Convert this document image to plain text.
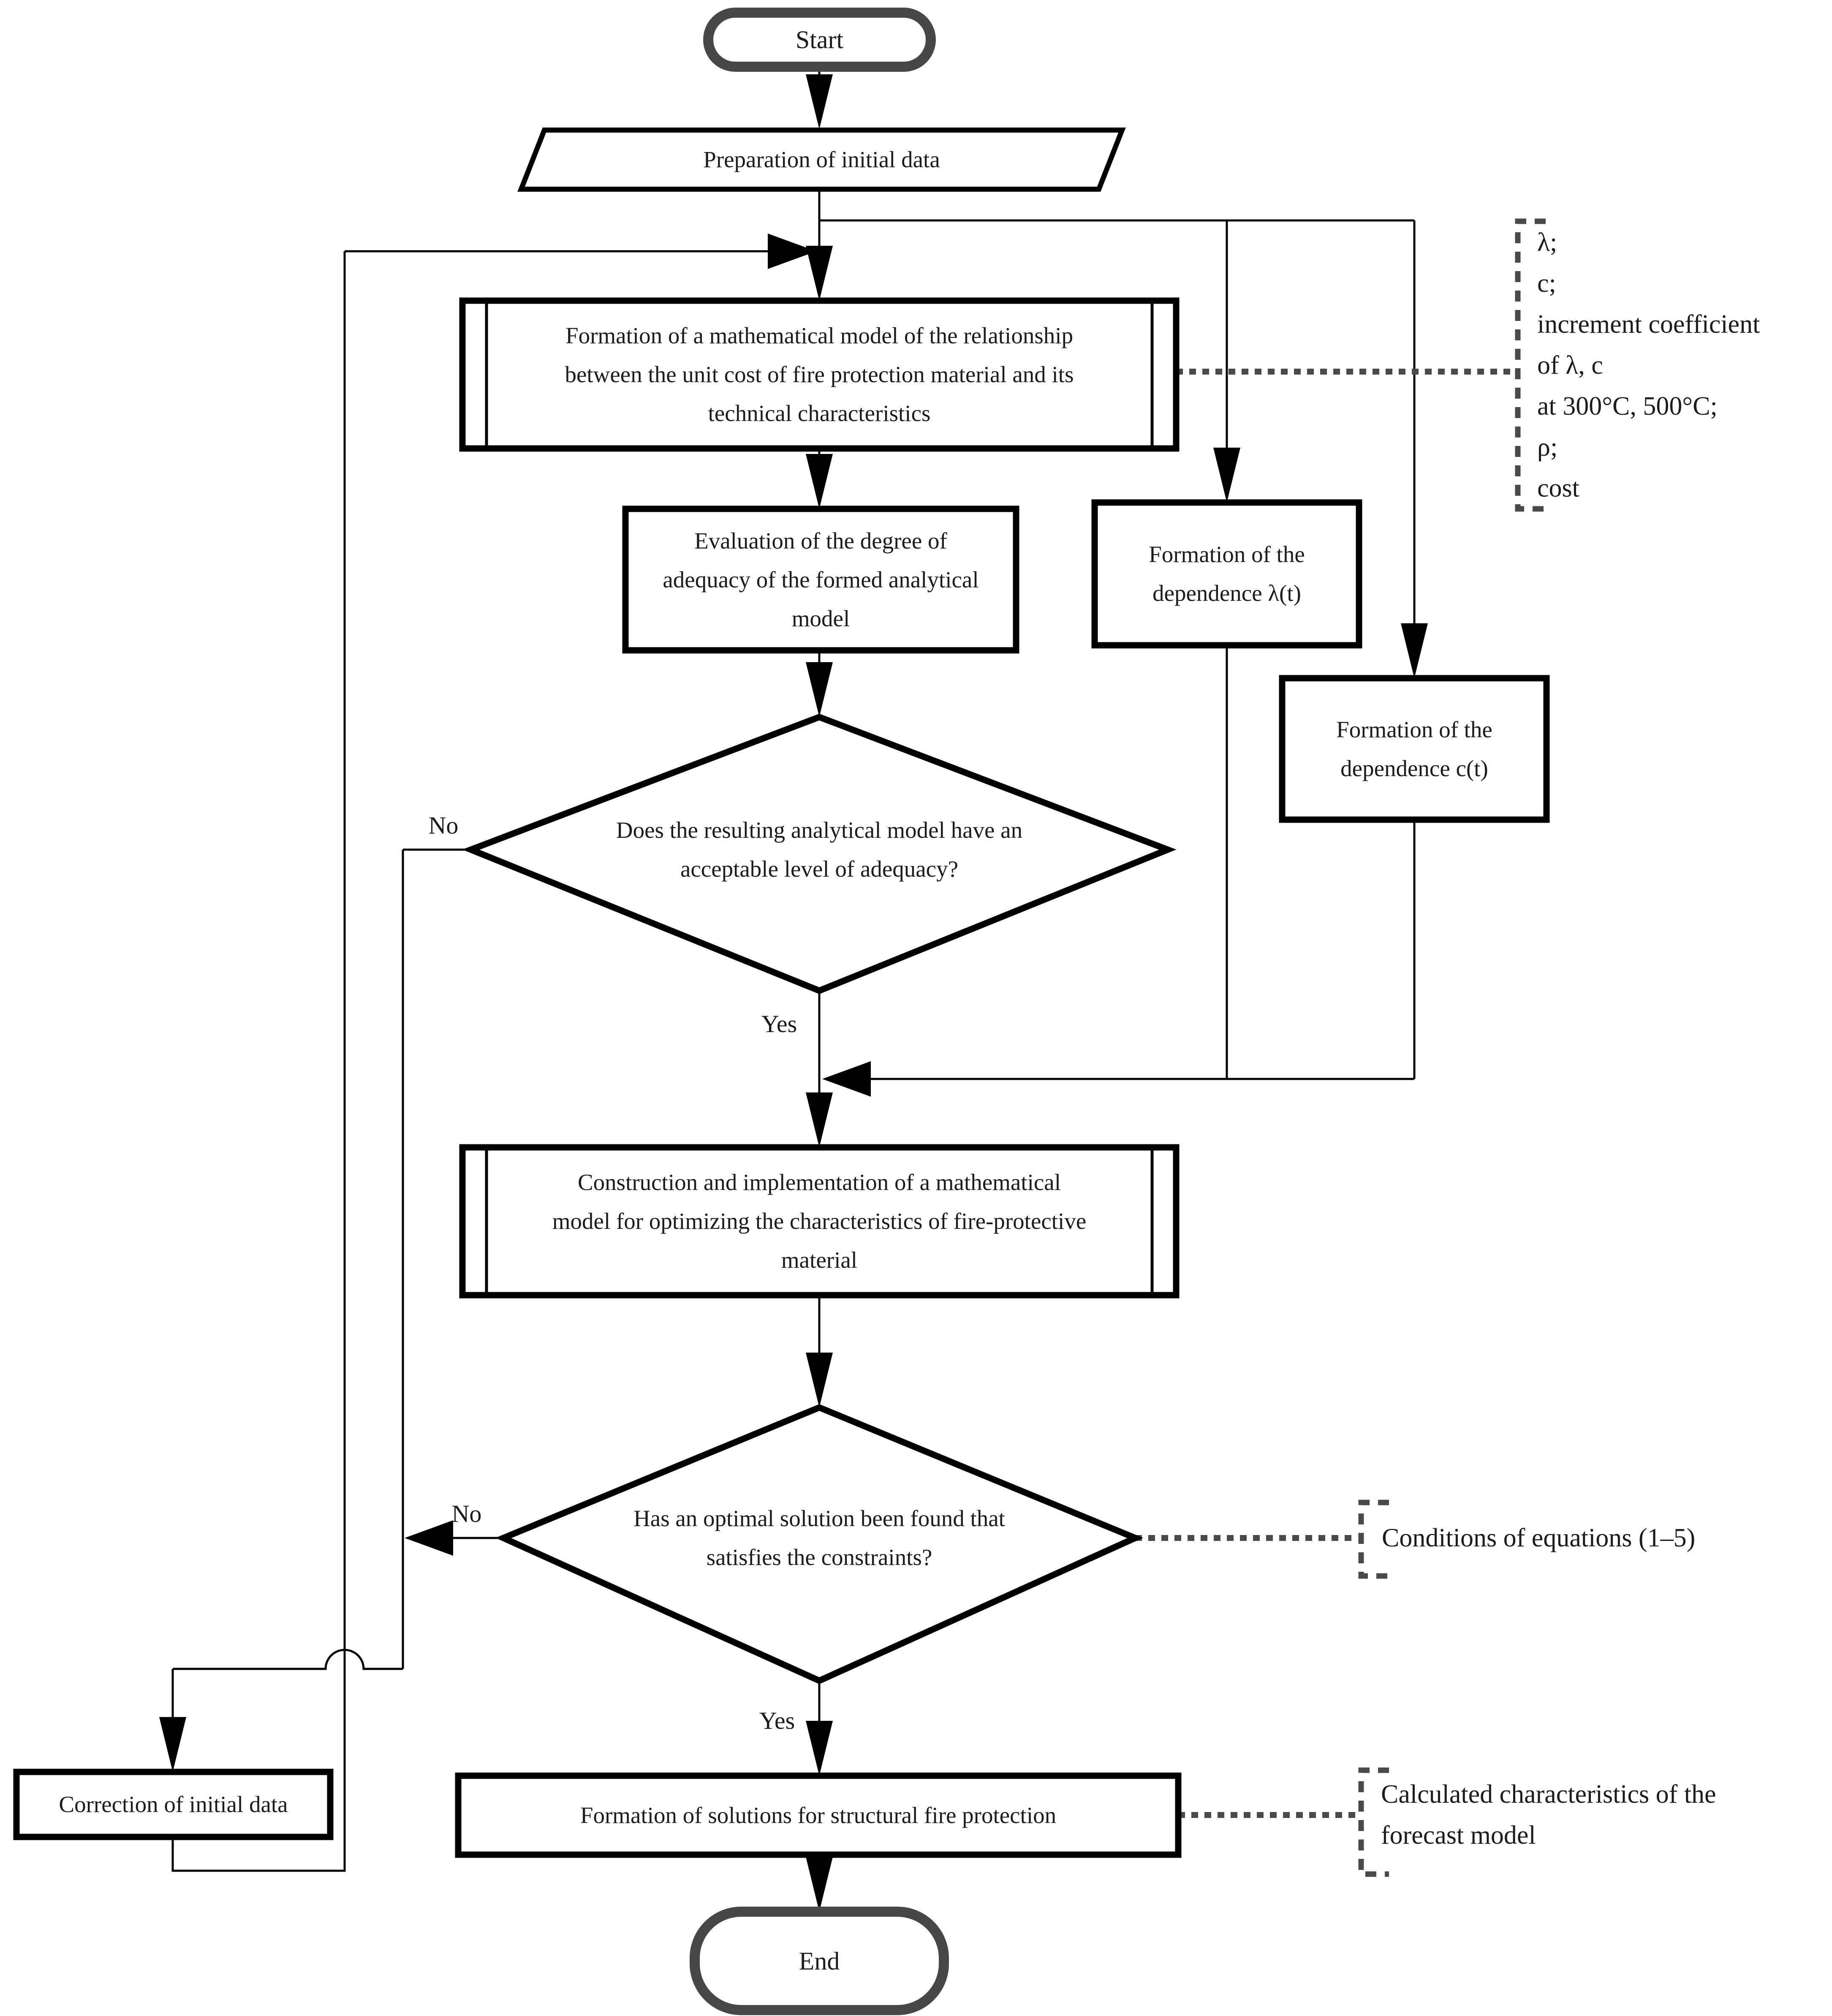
Start
Preparation of initial data
Formation of a mathematical model of the relationship
between the unit cost of fire protection material and its
technical characteristics
Evaluation of the degree of
adequacy of the formed analytical
model
Formation of the
dependence λ(t)
Formation of the
dependence c(t)
Does the resulting analytical model have an
acceptable level of adequacy?
Construction and implementation of a mathematical
model for optimizing the characteristics of fire-protective
material
Has an optimal solution been found that
satisfies the constraints?
Correction of initial data	Formation of solutions for structural fire protection
End
No
Yes
No
Yes
λ;
c;
increment coefficient
of λ, c
at 300°C, 500°C;
ρ;
cost
Conditions of equations (1–5)
Calculated characteristics of the
forecast model
